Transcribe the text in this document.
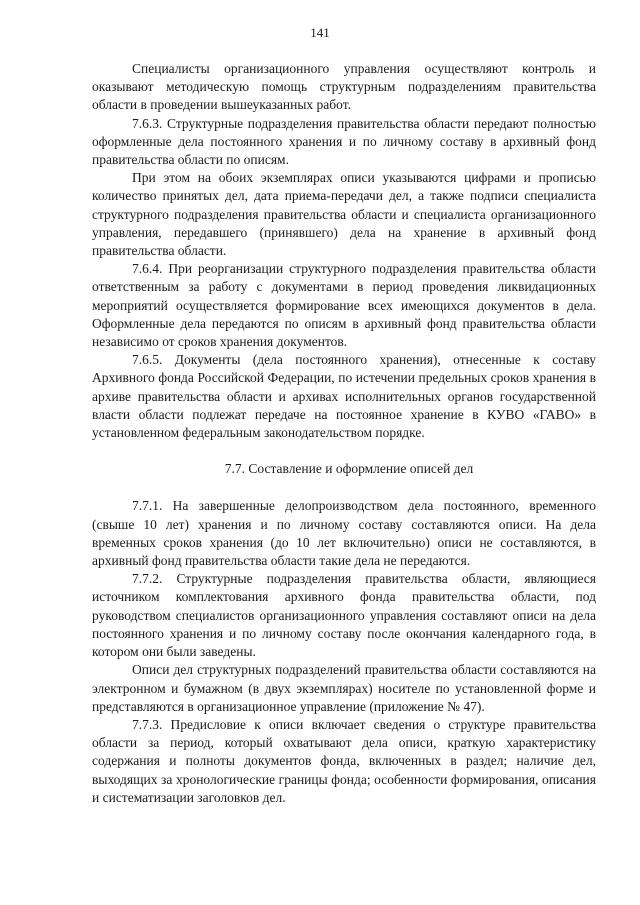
141

Специалисты организационного управления осуществляют контроль и оказывают методическую помощь структурным подразделениям правительства области в проведении вышеуказанных работ.

7.6.3. Структурные подразделения правительства области передают полностью оформленные дела постоянного хранения и по личному составу в архивный фонд правительства области по описям.

При этом на обоих экземплярах описи указываются цифрами и прописью количество принятых дел, дата приема-передачи дел, а также подписи специалиста структурного подразделения правительства области и специалиста организационного управления, передавшего (принявшего) дела на хранение в архивный фонд правительства области.

7.6.4. При реорганизации структурного подразделения правительства области ответственным за работу с документами в период проведения ликвидационных мероприятий осуществляется формирование всех имеющихся документов в дела. Оформленные дела передаются по описям в архивный фонд правительства области независимо от сроков хранения документов.

7.6.5. Документы (дела постоянного хранения), отнесенные к составу Архивного фонда Российской Федерации, по истечении предельных сроков хранения в архиве правительства области и архивах исполнительных органов государственной власти области подлежат передаче на постоянное хранение в КУВО «ГАВО» в установленном федеральным законодательством порядке.

7.7. Составление и оформление описей дел

7.7.1. На завершенные делопроизводством дела постоянного, временного (свыше 10 лет) хранения и по личному составу составляются описи. На дела временных сроков хранения (до 10 лет включительно) описи не составляются, в архивный фонд правительства области такие дела не передаются.

7.7.2. Структурные подразделения правительства области, являющиеся источником комплектования архивного фонда правительства области, под руководством специалистов организационного управления составляют описи на дела постоянного хранения и по личному составу после окончания календарного года, в котором они были заведены.

Описи дел структурных подразделений правительства области составляются на электронном и бумажном (в двух экземплярах) носителе по установленной форме и представляются в организационное управление (приложение № 47).

7.7.3. Предисловие к описи включает сведения о структуре правительства области за период, который охватывают дела описи, краткую характеристику содержания и полноты документов фонда, включенных в раздел; наличие дел, выходящих за хронологические границы фонда; особенности формирования, описания и систематизации заголовков дел.
